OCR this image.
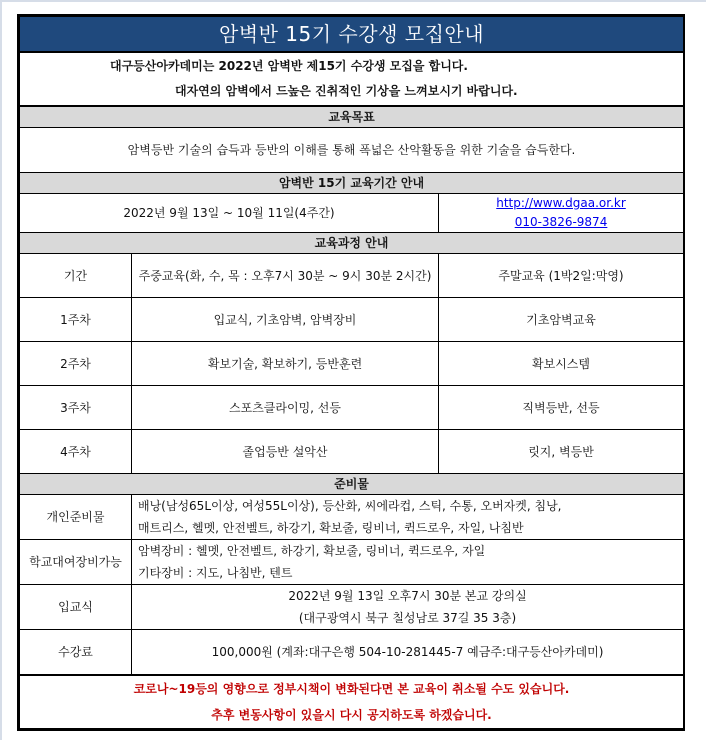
암벽반 15기 수강생 모집안내		

대구등산아카데미는 2022년 암벽반 제15기 수강생 모집을 합니다.
대자연의 암벽에서 드높은 진취적인 기상을 느껴보시기 바랍니다.		

교육목표		
암벽등반 기술의 습득과 등반의 이해를 통해 폭넓은 산악활동을 위한 기술을 습득한다.		
암벽반 15기 교육기간 안내		
2022년 9월 13일 ~ 10월 11일(4주간)		http://www.dgaa.or.kr
010-3826-9874

교육과정 안내		
기간	주중교육(화, 수, 목 : 오후7시 30분 ~ 9시 30분 2시간)	주말교육 (1박2일:막영)
1주차	입교식, 기초암벽, 암벽장비	기초암벽교육
2주차	확보기술, 확보하기, 등반훈련	확보시스템
3주차	스포츠클라이밍, 선등	직벽등반, 선등
4주차	졸업등반 설악산	릿지, 벽등반
준비물		
개인준비물	배낭(남성65L이상, 여성55L이상), 등산화, 씨에라컵, 스틱, 수통, 오버자켓, 침낭,
매트리스, 헬멧, 안전벨트, 하강기, 확보줄, 링비너, 퀵드로우, 자일, 나침반	

학교대여장비가능	암벽장비 : 헬멧, 안전벨트, 하강기, 확보줄, 링비너, 퀵드로우, 자일
기타장비 : 지도, 나침반, 텐트	

입교식	2022년 9월 13일 오후7시 30분 본교 강의실
(대구광역시 북구 칠성남로 37길 35 3층)	

수강료	100,000원 (계좌:대구은행 504-10-281445-7 예금주:대구등산아카데미)	

코로나~19등의 영향으로 정부시책이 변화된다면 본 교육이 취소될 수도 있습니다.
추후 변동사항이 있을시 다시 공지하도록 하겠습니다.		
